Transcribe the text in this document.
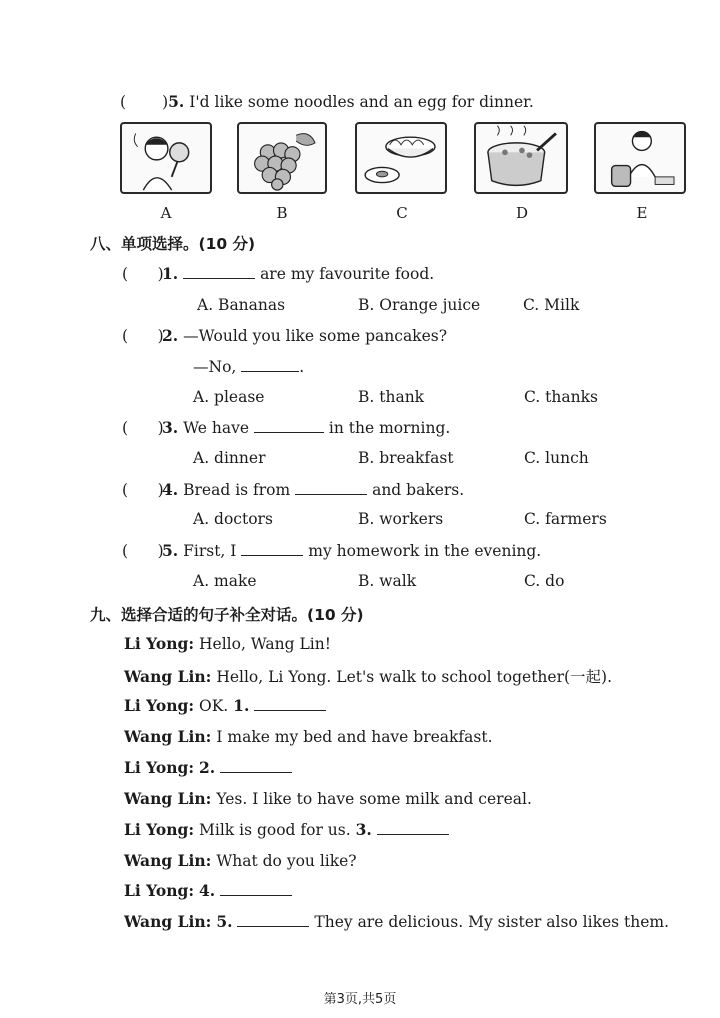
( )5. I'd like some noodles and an egg for dinner.
A	B	C	D	E
八、单项选择。(10 分)
(      )1.	are my favourite food.
A. Bananas	B. Orange juice	C. Milk
(      )2. —Would you like some pancakes?
—No,	.
A. please	B. thank	C. thanks
(      )3. We have	in the morning.
A. dinner	B. breakfast	C. lunch
(      )4. Bread is from	and bakers.
A. doctors	B. workers	C. farmers
(      )5. First, I	my homework in the evening.
A. make	B. walk	C. do
九、选择合适的句子补全对话。(10 分)
Li Yong: Hello, Wang Lin!
Wang Lin: Hello, Li Yong. Let's walk to school together(一起).
Li Yong: OK. 1.
Wang Lin: I make my bed and have breakfast.
Li Yong: 2.
Wang Lin: Yes. I like to have some milk and cereal.
Li Yong: Milk is good for us. 3.
Wang Lin: What do you like?
Li Yong: 4.
Wang Lin: 5.	They are delicious. My sister also likes them.
第3页,共5页
